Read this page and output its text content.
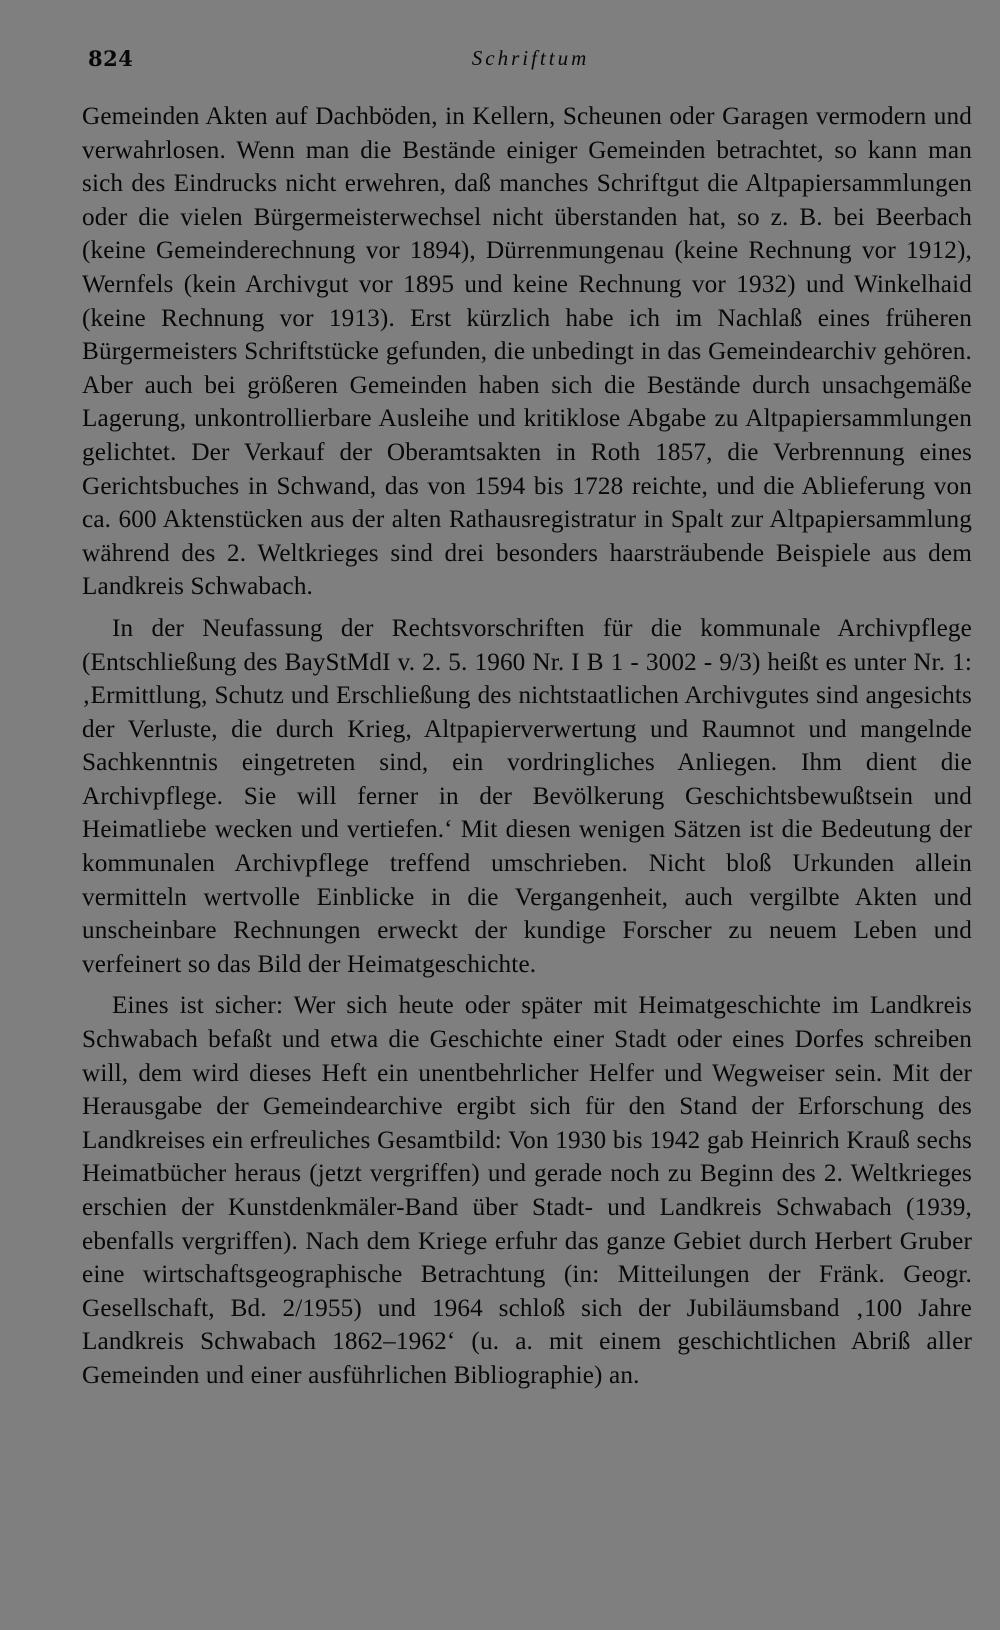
824	Schrifttum

Gemeinden Akten auf Dachböden, in Kellern, Scheunen oder Garagen vermodern und verwahrlosen. Wenn man die Bestände einiger Gemeinden betrachtet, so kann man sich des Eindrucks nicht erwehren, daß manches Schriftgut die Altpapiersammlungen oder die vielen Bürgermeisterwechsel nicht überstanden hat, so z. B. bei Beerbach (keine Gemeinderechnung vor 1894), Dürrenmungenau (keine Rechnung vor 1912), Wernfels (kein Archivgut vor 1895 und keine Rechnung vor 1932) und Winkelhaid (keine Rechnung vor 1913). Erst kürzlich habe ich im Nachlaß eines früheren Bürgermeisters Schriftstücke gefunden, die unbedingt in das Gemeindearchiv gehören. Aber auch bei größeren Gemeinden haben sich die Bestände durch unsachgemäße Lagerung, unkontrollierbare Ausleihe und kritiklose Abgabe zu Altpapiersammlungen gelichtet. Der Verkauf der Oberamtsakten in Roth 1857, die Verbrennung eines Gerichtsbuches in Schwand, das von 1594 bis 1728 reichte, und die Ablieferung von ca. 600 Aktenstücken aus der alten Rathausregistratur in Spalt zur Altpapiersammlung während des 2. Weltkrieges sind drei besonders haarsträubende Beispiele aus dem Landkreis Schwabach.

In der Neufassung der Rechtsvorschriften für die kommunale Archivpflege (Entschließung des BayStMdI v. 2. 5. 1960 Nr. I B 1 - 3002 - 9/3) heißt es unter Nr. 1: ‚Ermittlung, Schutz und Erschließung des nichtstaatlichen Archivgutes sind angesichts der Verluste, die durch Krieg, Altpapierverwertung und Raumnot und mangelnde Sachkenntnis eingetreten sind, ein vordringliches Anliegen. Ihm dient die Archivpflege. Sie will ferner in der Bevölkerung Geschichtsbewußtsein und Heimatliebe wecken und vertiefen.‘ Mit diesen wenigen Sätzen ist die Bedeutung der kommunalen Archivpflege treffend umschrieben. Nicht bloß Urkunden allein vermitteln wertvolle Einblicke in die Vergangenheit, auch vergilbte Akten und unscheinbare Rechnungen erweckt der kundige Forscher zu neuem Leben und verfeinert so das Bild der Heimatgeschichte.

Eines ist sicher: Wer sich heute oder später mit Heimatgeschichte im Landkreis Schwabach befaßt und etwa die Geschichte einer Stadt oder eines Dorfes schreiben will, dem wird dieses Heft ein unentbehrlicher Helfer und Wegweiser sein. Mit der Herausgabe der Gemeindearchive ergibt sich für den Stand der Erforschung des Landkreises ein erfreuliches Gesamtbild: Von 1930 bis 1942 gab Heinrich Krauß sechs Heimatbücher heraus (jetzt vergriffen) und gerade noch zu Beginn des 2. Weltkrieges erschien der Kunstdenkmäler-Band über Stadt- und Landkreis Schwabach (1939, ebenfalls vergriffen). Nach dem Kriege erfuhr das ganze Gebiet durch Herbert Gruber eine wirtschaftsgeographische Betrachtung (in: Mitteilungen der Fränk. Geogr. Gesellschaft, Bd. 2/1955) und 1964 schloß sich der Jubiläumsband ‚100 Jahre Landkreis Schwabach 1862–1962‘ (u. a. mit einem geschichtlichen Abriß aller Gemeinden und einer ausführlichen Bibliographie) an.
